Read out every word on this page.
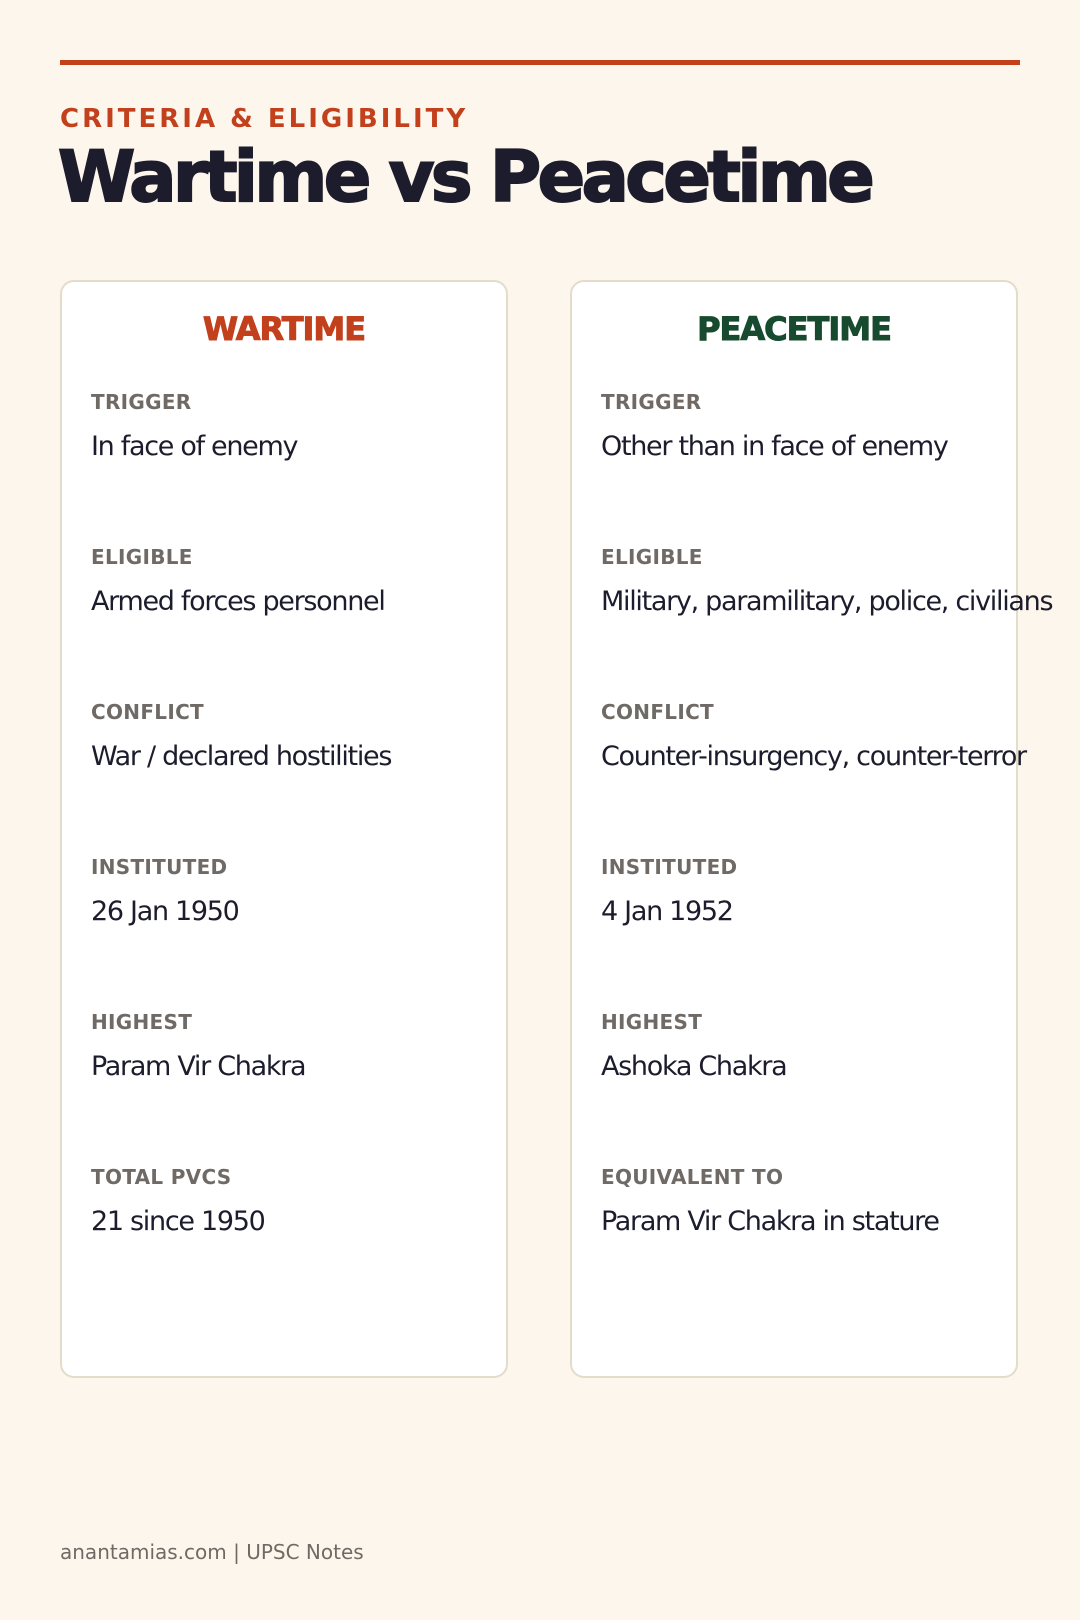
CRITERIA & ELIGIBILITY
Wartime vs Peacetime
WARTIME
TRIGGER
In face of enemy
ELIGIBLE
Armed forces personnel
CONFLICT
War / declared hostilities
INSTITUTED
26 Jan 1950
HIGHEST
Param Vir Chakra
TOTAL PVCS
21 since 1950
PEACETIME
TRIGGER
Other than in face of enemy
ELIGIBLE
Military, paramilitary, police, civilians
CONFLICT
Counter-insurgency, counter-terror
INSTITUTED
4 Jan 1952
HIGHEST
Ashoka Chakra
EQUIVALENT TO
Param Vir Chakra in stature
anantamias.com | UPSC Notes
